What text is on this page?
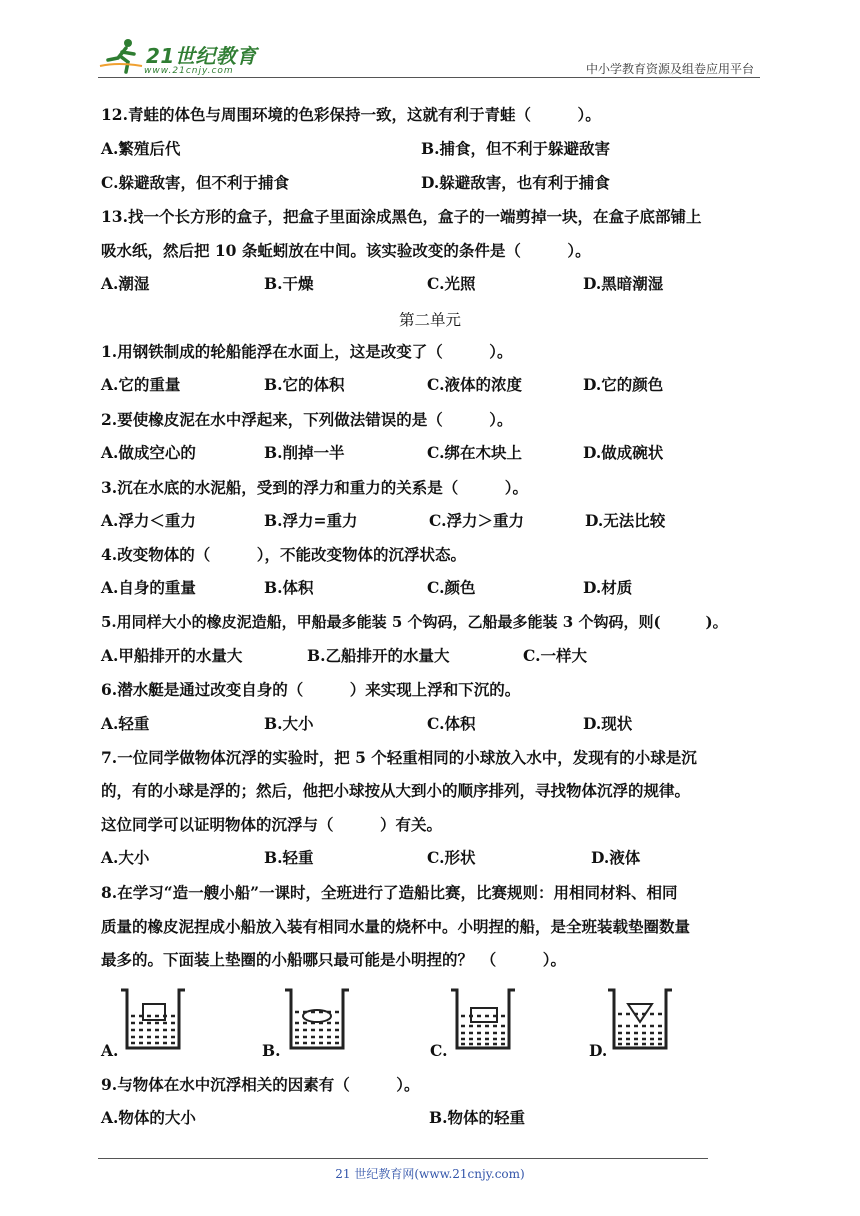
21世纪教育
www.21cnjy.com	中小学教育资源及组卷应用平台
12.青蛙的体色与周围环境的色彩保持一致，这就有利于青蛙（　　　）。
A.繁殖后代	B.捕食，但不利于躲避敌害
C.躲避敌害，但不利于捕食	D.躲避敌害，也有利于捕食
13.找一个长方形的盒子，把盒子里面涂成黑色，盒子的一端剪掉一块，在盒子底部铺上
吸水纸，然后把 10 条蚯蚓放在中间。该实验改变的条件是（　　　）。
A.潮湿	B.干燥	C.光照	D.黑暗潮湿
第二单元
1.用钢铁制成的轮船能浮在水面上，这是改变了（　　　）。
A.它的重量	B.它的体积	C.液体的浓度	D.它的颜色
2.要使橡皮泥在水中浮起来，下列做法错误的是（　　　）。
A.做成空心的	B.削掉一半	C.绑在木块上	D.做成碗状
3.沉在水底的水泥船，受到的浮力和重力的关系是（　　　）。
A.浮力＜重力	B.浮力=重力	C.浮力＞重力	D.无法比较
4.改变物体的（　　　），不能改变物体的沉浮状态。
A.自身的重量	B.体积	C.颜色	D.材质
5.用同样大小的橡皮泥造船，甲船最多能装 5 个钩码，乙船最多能装 3 个钩码，则(　　　)。
A.甲船排开的水量大	B.乙船排开的水量大	C.一样大
6.潜水艇是通过改变自身的（　　　）来实现上浮和下沉的。
A.轻重	B.大小	C.体积	D.现状
7.一位同学做物体沉浮的实验时，把 5 个轻重相同的小球放入水中，发现有的小球是沉
的，有的小球是浮的；然后，他把小球按从大到小的顺序排列，寻找物体沉浮的规律。
这位同学可以证明物体的沉浮与（　　　）有关。
A.大小	B.轻重	C.形状	D.液体
8.在学习“造一艘小船”一课时，全班进行了造船比赛，比赛规则：用相同材料、相同
质量的橡皮泥捏成小船放入装有相同水量的烧杯中。小明捏的船，是全班装载垫圈数量
最多的。下面装上垫圈的小船哪只最可能是小明捏的？　（　　　）。
A.	B.	C.	D.
9.与物体在水中沉浮相关的因素有（　　　）。
A.物体的大小	B.物体的轻重
21 世纪教育网(www.21cnjy.com)
